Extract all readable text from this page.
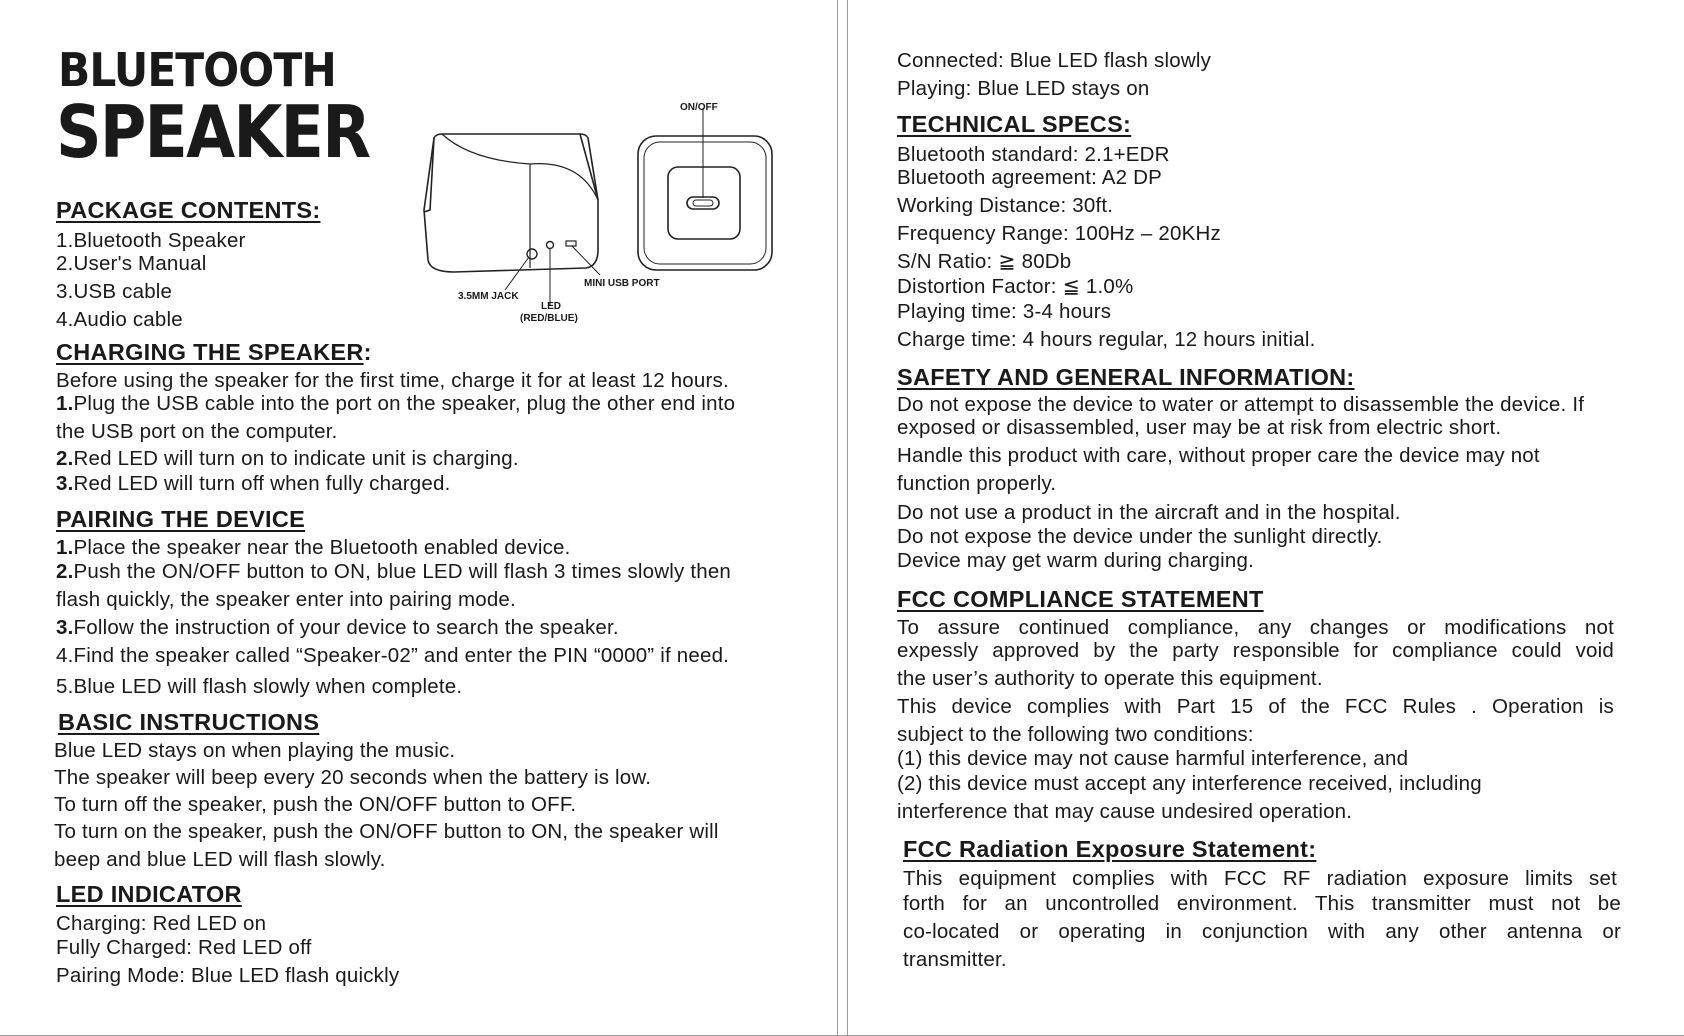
BLUETOOTH
SPEAKER
PACKAGE CONTENTS:
1.Bluetooth Speaker
2.User's Manual
3.USB cable
4.Audio cable
ON/OFF
3.5MM JACK
LED
(RED/BLUE)
MINI USB PORT
CHARGING THE SPEAKER:
Before using the speaker for the first time, charge it for at least 12 hours.
1.Plug the USB cable into the port on the speaker, plug the other end into
the USB port on the computer.
2.Red LED will turn on to indicate unit is charging.
3.Red LED will turn off when fully charged.
PAIRING THE DEVICE
1.Place the speaker near the Bluetooth enabled device.
2.Push the ON/OFF button to ON, blue LED will flash 3 times slowly then
flash quickly, the speaker enter into pairing mode.
3.Follow the instruction of your device to search the speaker.
4.Find the speaker called “Speaker-02” and enter the PIN “0000” if need.
5.Blue LED will flash slowly when complete.
BASIC INSTRUCTIONS
Blue LED stays on when playing the music.
The speaker will beep every 20 seconds when the battery is low.
To turn off the speaker, push the ON/OFF button to OFF.
To turn on the speaker, push the ON/OFF button to ON, the speaker will
beep and blue LED will flash slowly.
LED INDICATOR
Charging: Red LED on
Fully Charged: Red LED off
Pairing Mode: Blue LED flash quickly
Connected: Blue LED flash slowly
Playing: Blue LED stays on
TECHNICAL SPECS:
Bluetooth standard: 2.1+EDR
Bluetooth agreement: A2 DP
Working Distance: 30ft.
Frequency Range: 100Hz – 20KHz
S/N Ratio: ≧ 80Db
Distortion Factor: ≦ 1.0%
Playing time: 3-4 hours
Charge time: 4 hours regular, 12 hours initial.
SAFETY AND GENERAL INFORMATION:
Do not expose the device to water or attempt to disassemble the device. If
exposed or disassembled, user may be at risk from electric short.
Handle this product with care, without proper care the device may not
function properly.
Do not use a product in the aircraft and in the hospital.
Do not expose the device under the sunlight directly.
Device may get warm during charging.
FCC COMPLIANCE STATEMENT
To assure continued compliance, any changes or modifications not
expessly approved by the party responsible for compliance could void
the user’s authority to operate this equipment.
This device complies with Part 15 of the FCC Rules . Operation is
subject to the following two conditions:
(1) this device may not cause harmful interference, and
(2) this device must accept any interference received, including
interference that may cause undesired operation.
FCC Radiation Exposure Statement:
This equipment complies with FCC RF radiation exposure limits set
forth for an uncontrolled environment. This transmitter must not be
co-located or operating in conjunction with any other antenna or
transmitter.
